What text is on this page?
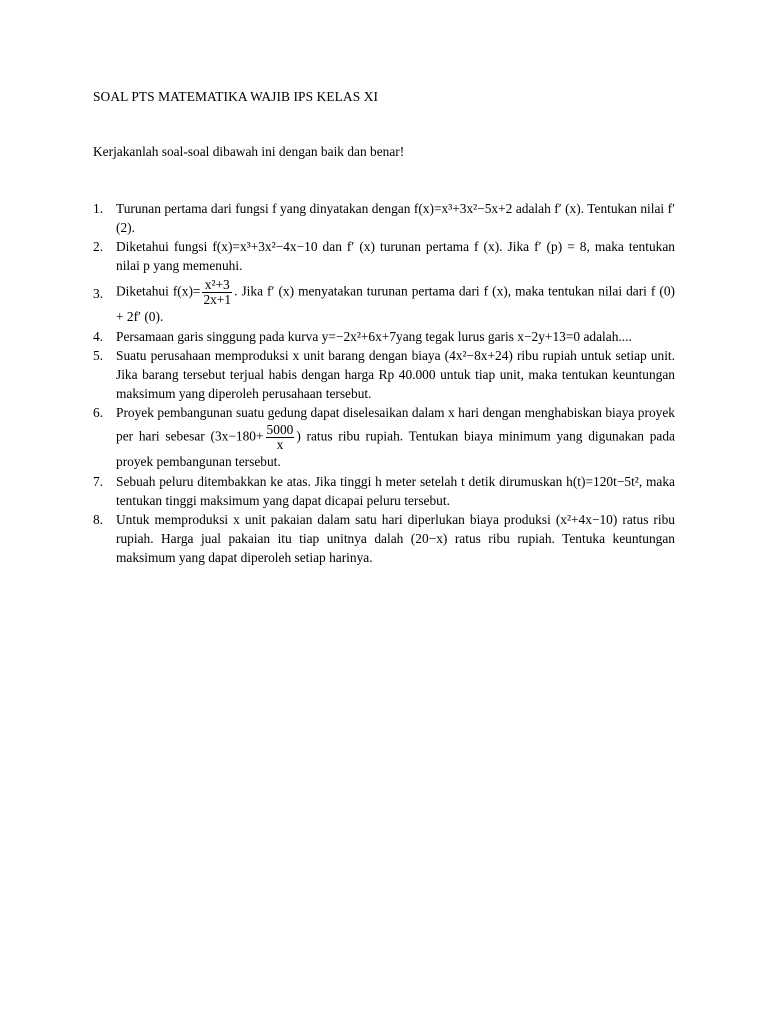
SOAL PTS MATEMATIKA WAJIB IPS KELAS XI
Kerjakanlah soal-soal dibawah ini dengan baik dan benar!
1. Turunan pertama dari fungsi f yang dinyatakan dengan f(x)=x³+3x²−5x+2 adalah f′ (x). Tentukan nilai f′ (2).
2. Diketahui fungsi f(x)=x³+3x²−4x−10 dan f′ (x) turunan pertama f (x). Jika f′ (p) = 8, maka tentukan nilai p yang memenuhi.
3. Diketahui $f(x)= \frac{\text{x²+3}}{2x+1}$ . Jika f′ (x) menyatakan turunan pertama dari f (x), maka tentukan nilai dari f (0) + 2f′ (0).
4. Persamaan garis singgung pada kurva y=−2x²+6x+7yang tegak lurus garis x−2y+13=0 adalah....
5. Suatu perusahaan memproduksi x unit barang dengan biaya (4x²−8x+24) ribu rupiah untuk setiap unit. Jika barang tersebut terjual habis dengan harga Rp 40.000 untuk tiap unit, maka tentukan keuntungan maksimum yang diperoleh perusahaan tersebut.
6. Proyek pembangunan suatu gedung dapat diselesaikan dalam x hari dengan menghabiskan biaya proyek per hari sebesar ($3x-180+ \frac{5000}{x}$ ) ratus ribu rupiah. Tentukan biaya minimum yang digunakan pada proyek pembangunan tersebut.
7. Sebuah peluru ditembakkan ke atas. Jika tinggi h meter setelah t detik dirumuskan h(t)=120t−5t², maka tentukan tinggi maksimum yang dapat dicapai peluru tersebut.
8. Untuk memproduksi x unit pakaian dalam satu hari diperlukan biaya produksi (x²+4x−10) ratus ribu rupiah. Harga jual pakaian itu tiap unitnya dalah (20−x) ratus ribu rupiah. Tentuka keuntungan maksimum yang dapat diperoleh setiap harinya.
